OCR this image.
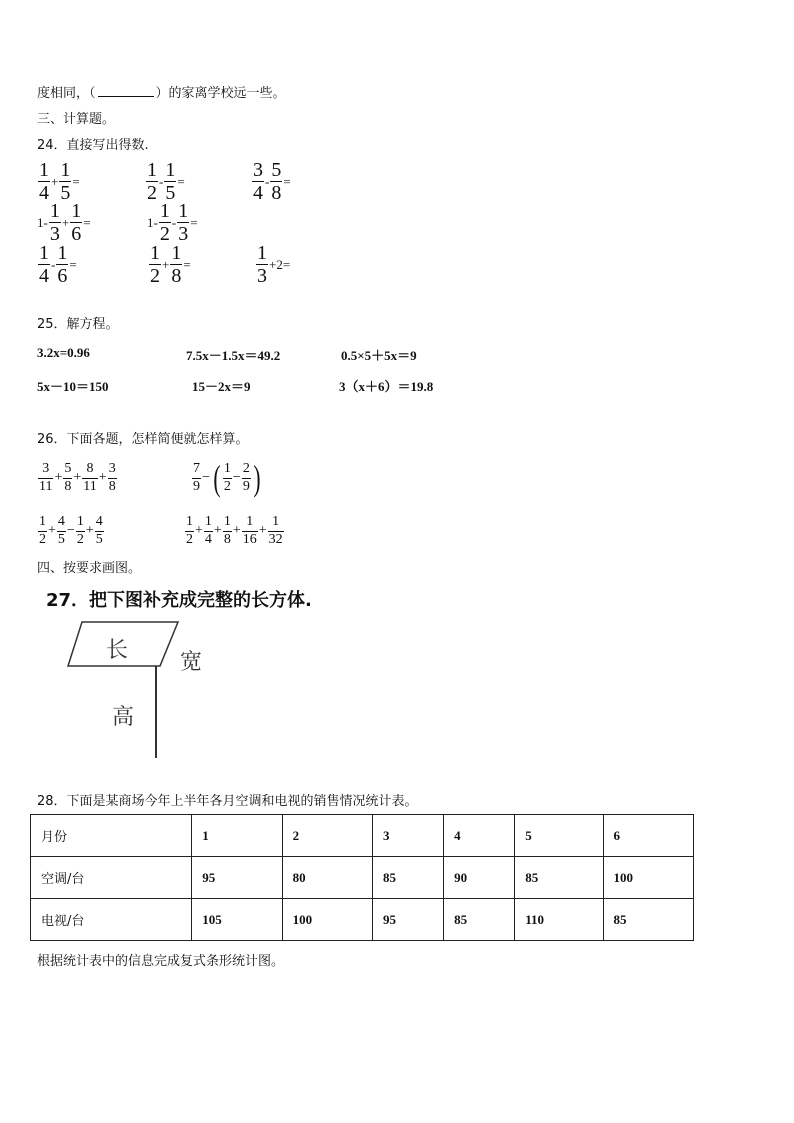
度相同，（	）的家离学校远一些。
三、计算题。
24．直接写出得数.
1
4
+ $\frac{1}{5}$ =	1
2
- $\frac{1}{5}$ =	3
4
- $\frac{5}{8}$ =
1- 1
3
+ $\frac{1}{6}$ =	1- 1
2
- $\frac{1}{3}$ =
1
4
- $\frac{1}{6}$ =	1
2
+ $\frac{1}{8}$ =	1
3
+2=
25．解方程。
3.2x=0.96	7.5x－1.5x＝49.2	0.5×5＋5x＝9
5x－10＝150	15－2x＝9	3（x＋6）＝19.8
26．下面各题，怎样简便就怎样算。
3
11
+ $\frac{5}{8} + \frac{8}{11} + \frac{3}{8}$	7
9
− ( 1
2
− $\frac{2}{9}$ )
1
2
+ $\frac{4}{5} - \frac{1}{2} + \frac{4}{5}$	1
2
+ $\frac{1}{4} + \frac{1}{8} + \frac{1}{16} + \frac{1}{32}$
四、按要求画图。
27．把下图补充成完整的长方体.
长 宽
高
28．下面是某商场今年上半年各月空调和电视的销售情况统计表。
月份	1	2	3	4	5	6
空调/台	95	80	85	90	85	100
电视/台	105	100	95	85	110	85
根据统计表中的信息完成复式条形统计图。
